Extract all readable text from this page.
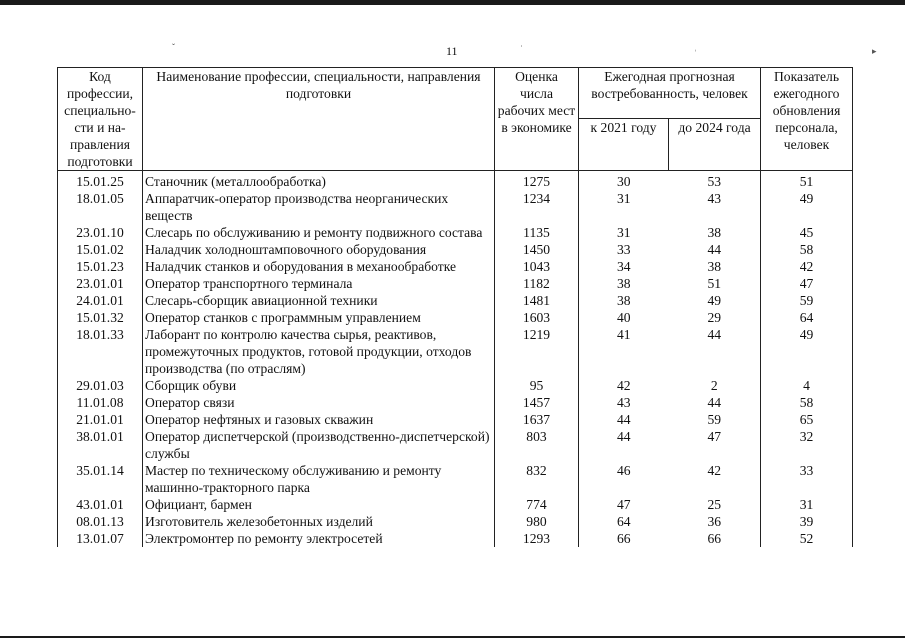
11
ˇ	˙	˒	▸
Код профессии, специально-сти и на-правления подготовки	Наименование профессии, специальности, направления подготовки	Оценка числа рабочих мест в экономике	Ежегодная прогнозная востребованность, человек		Показатель ежегодного обновления персонала, человек
			к 2021 году	до 2024 года	
15.01.25	Станочник (металлообработка)	1275	30	53	51
18.01.05	Аппаратчик-оператор производства неорганических веществ	1234	31	43	49
23.01.10	Слесарь по обслуживанию и ремонту подвижного состава	1135	31	38	45
15.01.02	Наладчик холодноштамповочного оборудования	1450	33	44	58
15.01.23	Наладчик станков и оборудования в механообработке	1043	34	38	42
23.01.01	Оператор транспортного терминала	1182	38	51	47
24.01.01	Слесарь-сборщик авиационной техники	1481	38	49	59
15.01.32	Оператор станков с программным управлением	1603	40	29	64
18.01.33	Лаборант по контролю качества сырья, реактивов, промежуточных продуктов, готовой продукции, отходов производства (по отраслям)	1219	41	44	49
29.01.03	Сборщик обуви	95	42	2	4
11.01.08	Оператор связи	1457	43	44	58
21.01.01	Оператор нефтяных и газовых скважин	1637	44	59	65
38.01.01	Оператор диспетчерской (производственно-диспетчерской) службы	803	44	47	32
35.01.14	Мастер по техническому обслуживанию и ремонту машинно-тракторного парка	832	46	42	33
43.01.01	Официант, бармен	774	47	25	31
08.01.13	Изготовитель железобетонных изделий	980	64	36	39
13.01.07	Электромонтер по ремонту электросетей	1293	66	66	52
